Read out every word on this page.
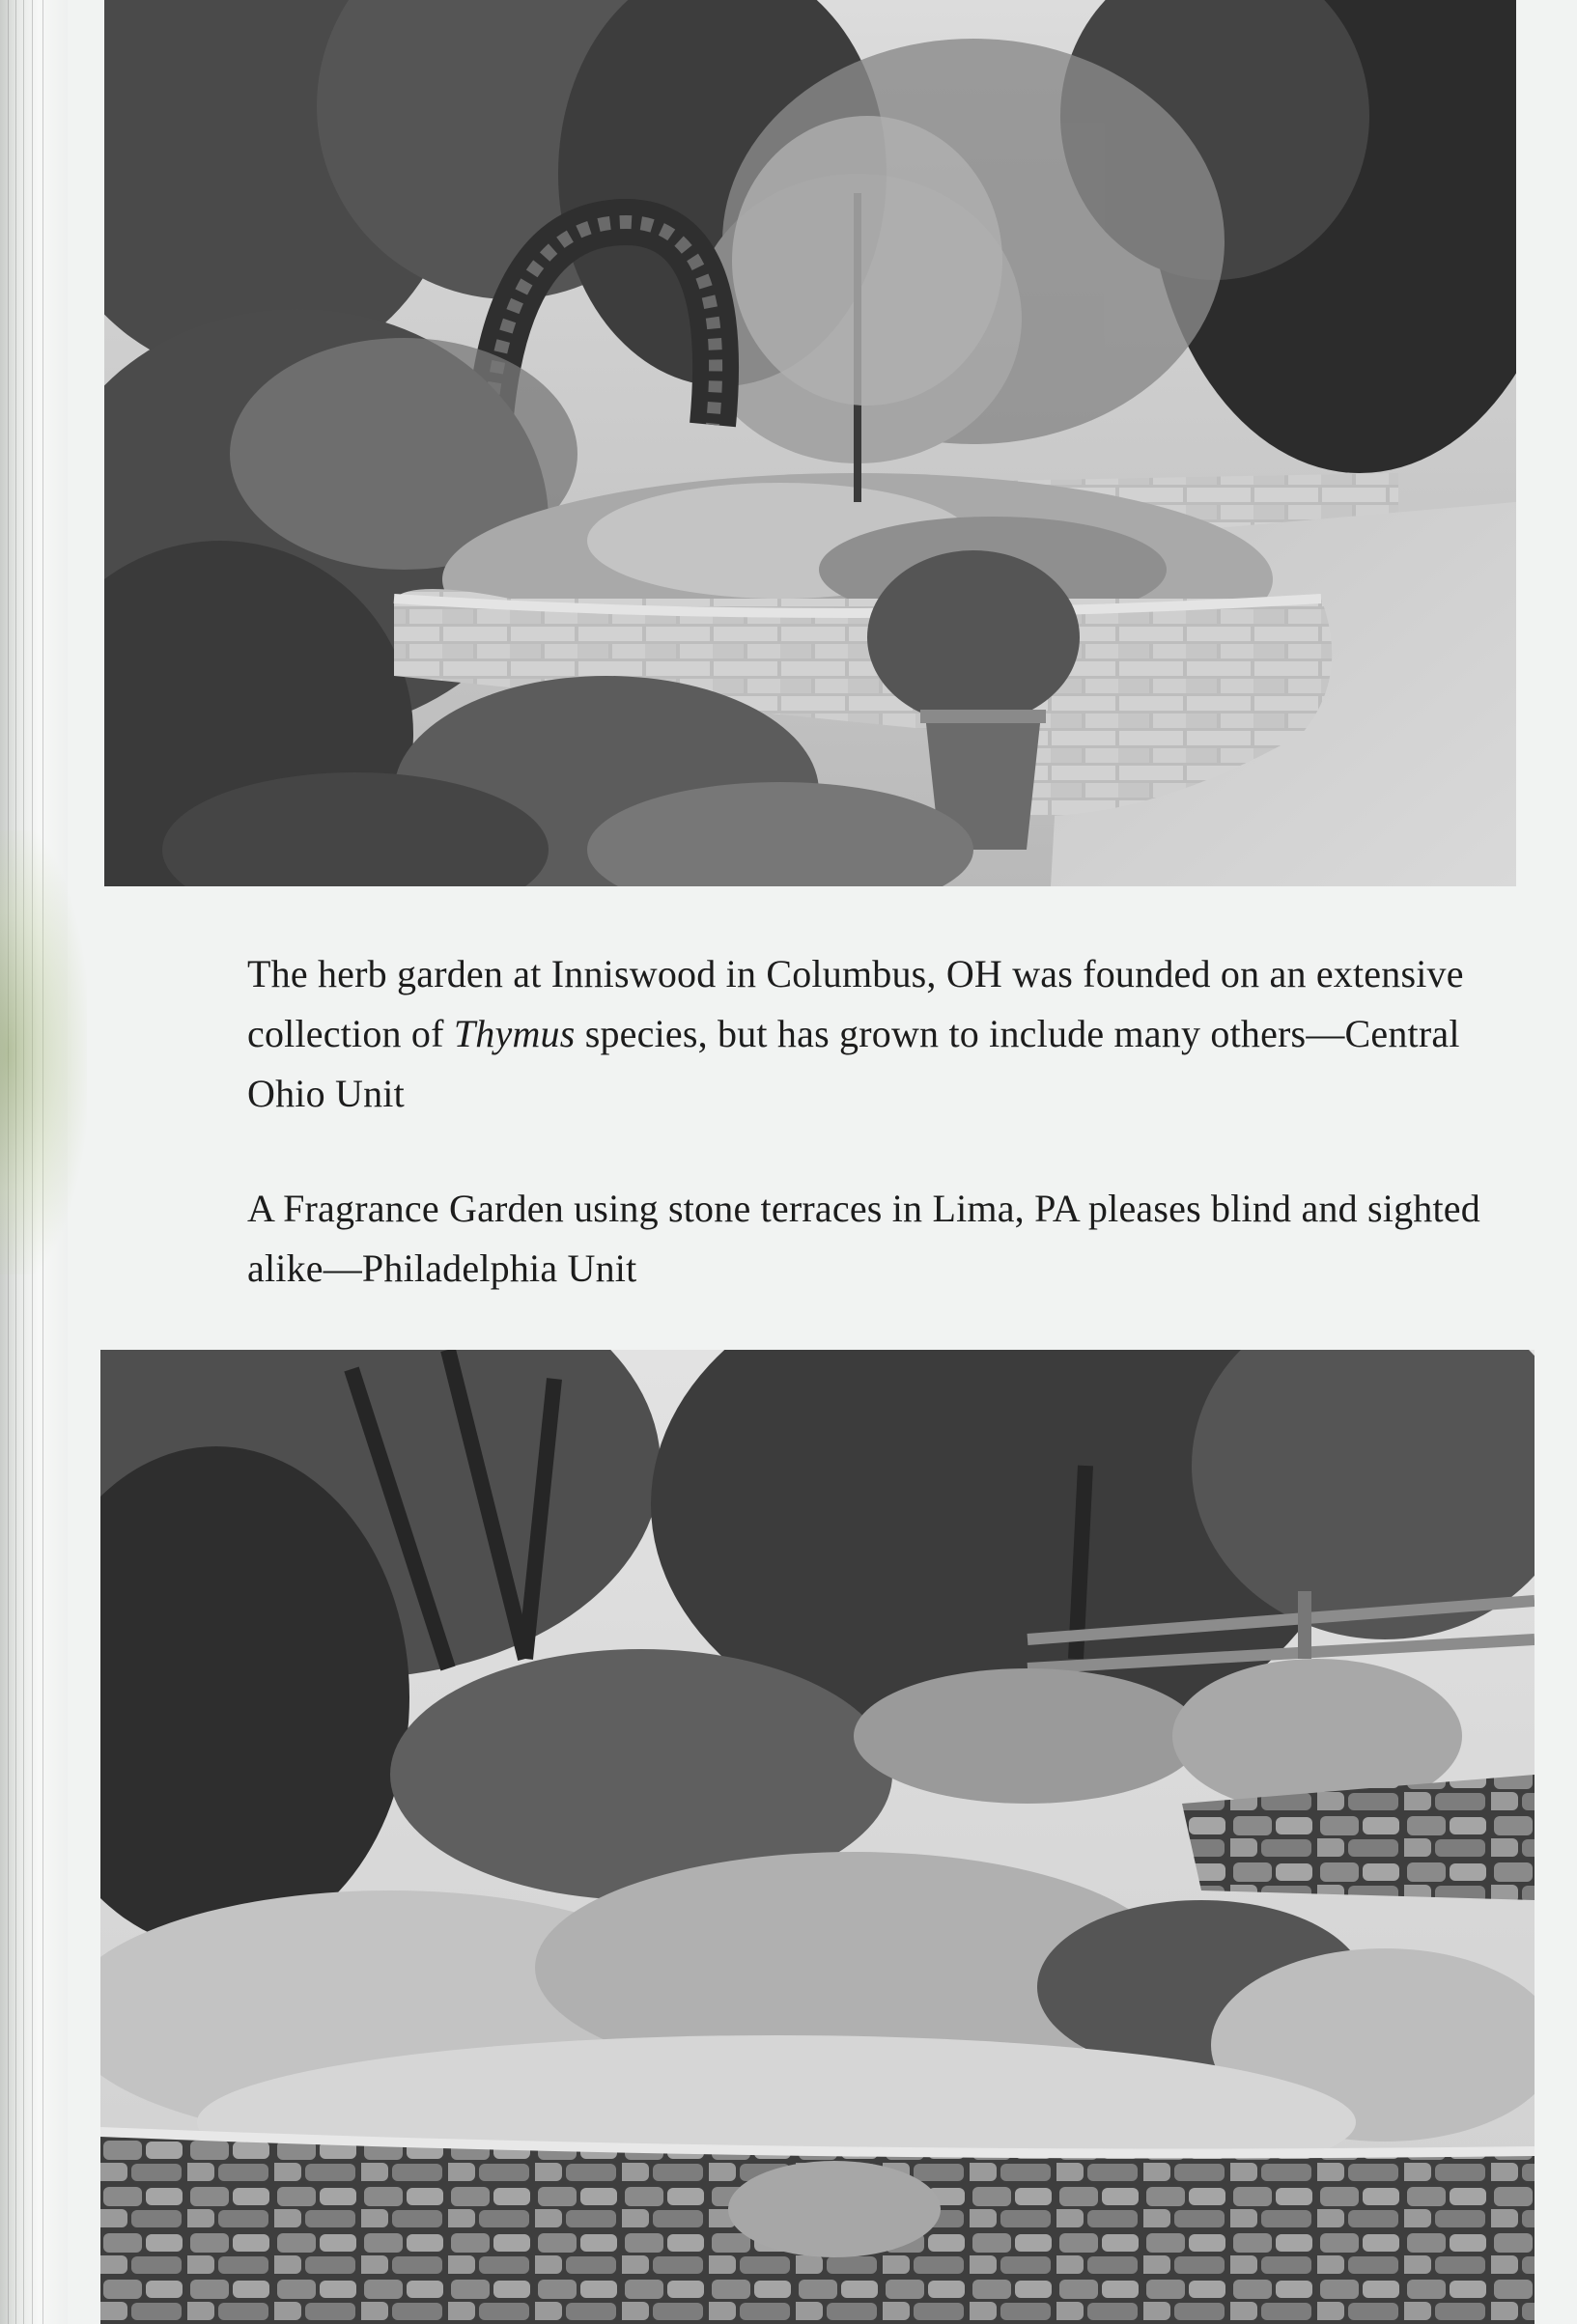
The herb garden at Inniswood in Columbus, OH was founded on an extensive collection of Thymus species, but has grown to include many others—Central Ohio Unit

A Fragrance Garden using stone terraces in Lima, PA pleases blind and sighted alike—Philadelphia Unit
